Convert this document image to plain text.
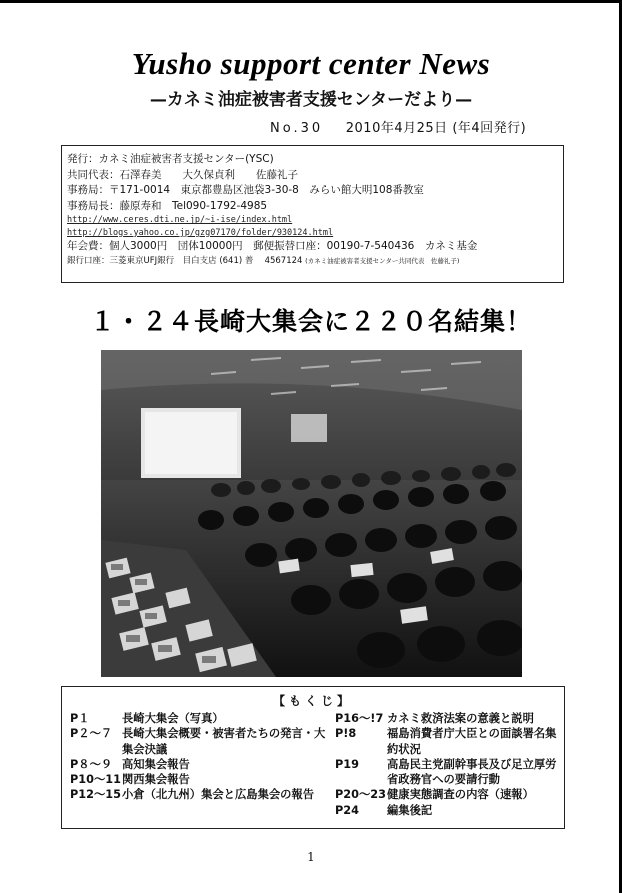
Yusho support center News
—カネミ油症被害者支援センターだより—
No.30 2010年4月25日 (年4回発行)
発行：カネミ油症被害者支援センター(YSC)
共同代表：石澤春美　　大久保貞利　　佐藤礼子
事務局：〒171-0014　東京都豊島区池袋3-30-8　みらい館大明108番教室
事務局長：藤原寿和　Tel090-1792-4985
http://www.ceres.dti.ne.jp/~i-ise/index.html
http://blogs.yahoo.co.jp/gzg07170/folder/930124.html
年会費：個人3000円　団体10000円　郵便振替口座：00190-7-540436　カネミ基金
銀行口座：三菱東京UFJ銀行　目白支店 (641) 普　 4567124 (カネミ油症被害者支援センター共同代表　佐藤礼子)
１・２４長崎大集会に２２０名結集！
【もくじ】
P１　	長崎大集会（写真）
P２～７ 長崎大集会概要・被害者たちの発言・大集会決議
P８～９ 高知集会報告
P10～11 関西集会報告
P12～15 小倉（北九州）集会と広島集会の報告
P16～!7 カネミ救済法案の意義と説明
P!8　	福島消費者庁大臣との面談署名集約状況
P19　	高島民主党副幹事長及び足立厚労省政務官への要請行動
P20～23 健康実態調査の内容（速報）
P24　	編集後記
1
